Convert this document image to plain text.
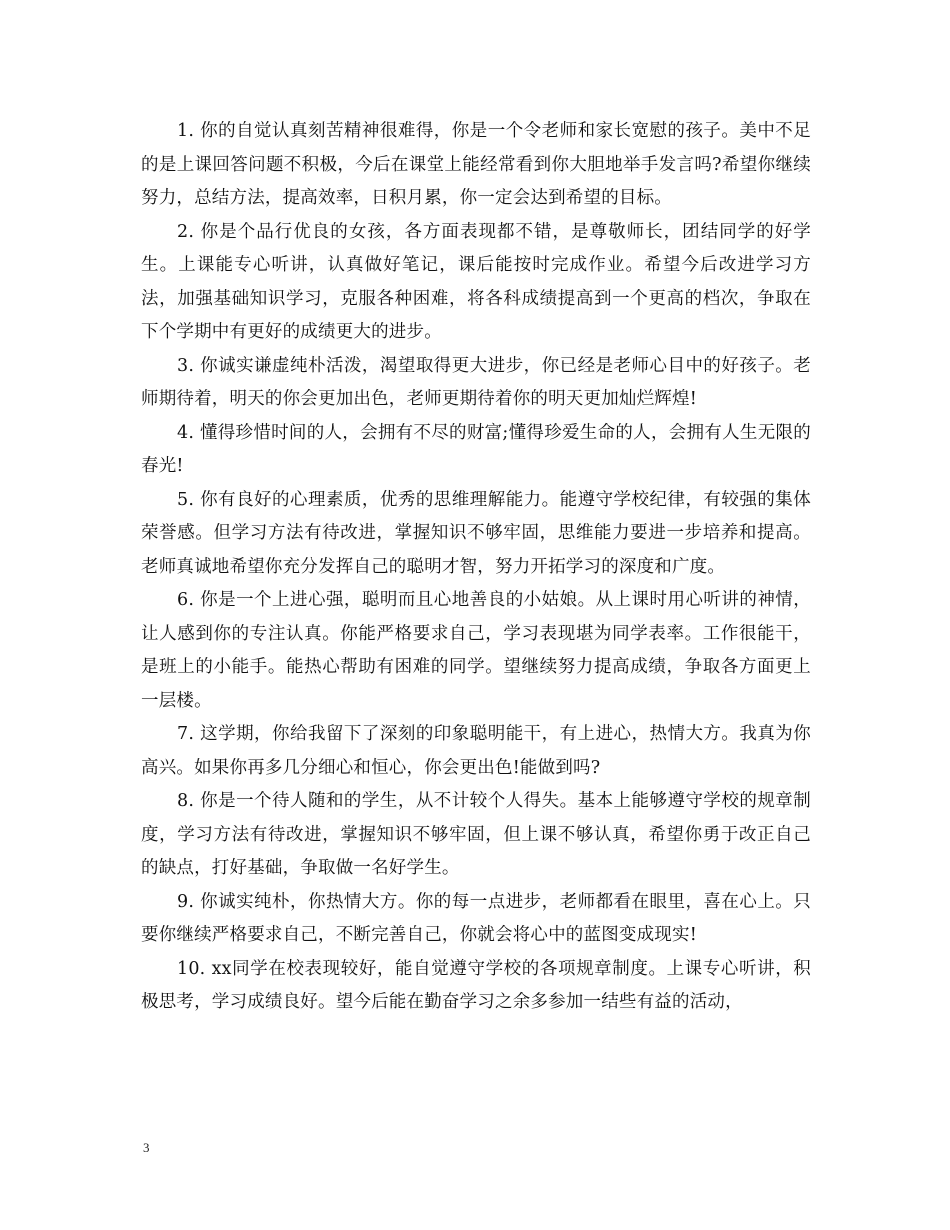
1. 你的自觉认真刻苦精神很难得，你是一个令老师和家长宽慰的孩子。美中不足的是上课回答问题不积极，今后在课堂上能经常看到你大胆地举手发言吗?希望你继续努力，总结方法，提高效率，日积月累，你一定会达到希望的目标。

2. 你是个品行优良的女孩，各方面表现都不错，是尊敬师长，团结同学的好学生。上课能专心听讲，认真做好笔记，课后能按时完成作业。希望今后改进学习方法，加强基础知识学习，克服各种困难，将各科成绩提高到一个更高的档次，争取在下个学期中有更好的成绩更大的进步。

3. 你诚实谦虚纯朴活泼，渴望取得更大进步，你已经是老师心目中的好孩子。老师期待着，明天的你会更加出色，老师更期待着你的明天更加灿烂辉煌!

4. 懂得珍惜时间的人，会拥有不尽的财富;懂得珍爱生命的人，会拥有人生无限的春光!

5. 你有良好的心理素质，优秀的思维理解能力。能遵守学校纪律，有较强的集体荣誉感。但学习方法有待改进，掌握知识不够牢固，思维能力要进一步培养和提高。老师真诚地希望你充分发挥自己的聪明才智，努力开拓学习的深度和广度。

6. 你是一个上进心强，聪明而且心地善良的小姑娘。从上课时用心听讲的神情，让人感到你的专注认真。你能严格要求自己，学习表现堪为同学表率。工作很能干，是班上的小能手。能热心帮助有困难的同学。望继续努力提高成绩，争取各方面更上一层楼。

7. 这学期，你给我留下了深刻的印象聪明能干，有上进心，热情大方。我真为你高兴。如果你再多几分细心和恒心，你会更出色!能做到吗?

8. 你是一个待人随和的学生，从不计较个人得失。基本上能够遵守学校的规章制度，学习方法有待改进，掌握知识不够牢固，但上课不够认真，希望你勇于改正自己的缺点，打好基础，争取做一名好学生。

9. 你诚实纯朴，你热情大方。你的每一点进步，老师都看在眼里，喜在心上。只要你继续严格要求自己，不断完善自己，你就会将心中的蓝图变成现实!

10. xx同学在校表现较好，能自觉遵守学校的各项规章制度。上课专心听讲，积极思考，学习成绩良好。望今后能在勤奋学习之余多参加一结些有益的活动，

3
